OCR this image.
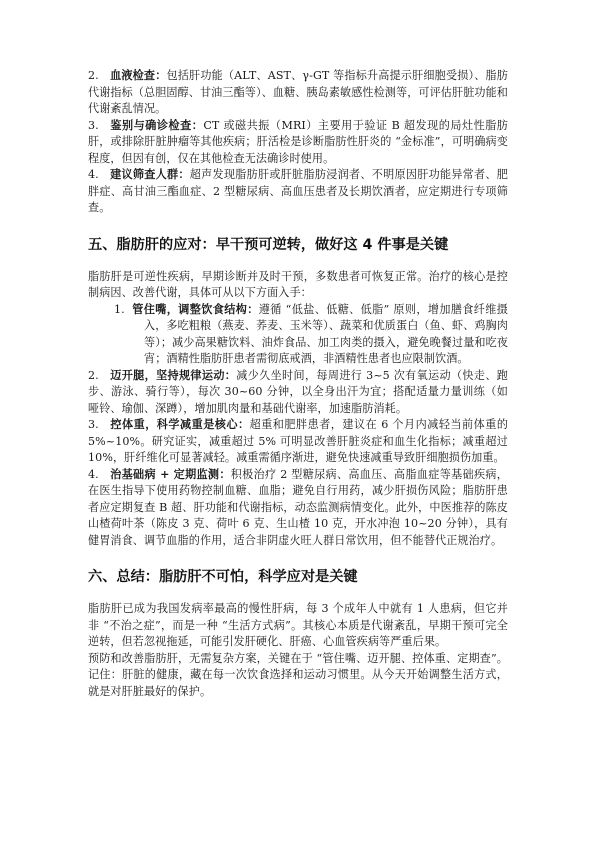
2. 血液检查：包括肝功能（ALT、AST、γ-GT 等指标升高提示肝细胞受损）、脂肪代谢指标（总胆固醇、甘油三酯等）、血糖、胰岛素敏感性检测等，可评估肝脏功能和代谢紊乱情况。
3. 鉴别与确诊检查：CT 或磁共振（MRI）主要用于验证 B 超发现的局灶性脂肪肝，或排除肝脏肿瘤等其他疾病；肝活检是诊断脂肪性肝炎的 “金标准”，可明确病变程度，但因有创，仅在其他检查无法确诊时使用。
4. 建议筛查人群：超声发现脂肪肝或肝脏脂肪浸润者、不明原因肝功能异常者、肥胖症、高甘油三酯血症、2 型糖尿病、高血压患者及长期饮酒者，应定期进行专项筛查。
五、脂肪肝的应对：早干预可逆转，做好这 4 件事是关键

脂肪肝是可逆性疾病，早期诊断并及时干预，多数患者可恢复正常。治疗的核心是控制病因、改善代谢，具体可从以下方面入手：

1. 管住嘴，调整饮食结构：遵循 “低盐、低糖、低脂” 原则，增加膳食纤维摄入，多吃粗粮（燕麦、荞麦、玉米等）、蔬菜和优质蛋白（鱼、虾、鸡胸肉等）；减少高果糖饮料、油炸食品、加工肉类的摄入，避免晚餐过量和吃夜宵；酒精性脂肪肝患者需彻底戒酒，非酒精性患者也应限制饮酒。
2. 迈开腿，坚持规律运动：减少久坐时间，每周进行 3~5 次有氧运动（快走、跑步、游泳、骑行等），每次 30~60 分钟，以全身出汗为宜；搭配适量力量训练（如哑铃、瑜伽、深蹲），增加肌肉量和基础代谢率，加速脂肪消耗。
3. 控体重，科学减重是核心：超重和肥胖患者，建议在 6 个月内减轻当前体重的 5%~10%。研究证实，减重超过 5% 可明显改善肝脏炎症和血生化指标；减重超过 10%，肝纤维化可显著减轻。减重需循序渐进，避免快速减重导致肝细胞损伤加重。
4. 治基础病 + 定期监测：积极治疗 2 型糖尿病、高血压、高脂血症等基础疾病，在医生指导下使用药物控制血糖、血脂；避免自行用药，减少肝损伤风险；脂肪肝患者应定期复查 B 超、肝功能和代谢指标，动态监测病情变化。此外，中医推荐的陈皮山楂荷叶茶（陈皮 3 克、荷叶 6 克、生山楂 10 克，开水冲泡 10~20 分钟），具有健胃消食、调节血脂的作用，适合非阴虚火旺人群日常饮用，但不能替代正规治疗。
六、总结：脂肪肝不可怕，科学应对是关键

脂肪肝已成为我国发病率最高的慢性肝病，每 3 个成年人中就有 1 人患病，但它并非 “不治之症”，而是一种 “生活方式病”。其核心本质是代谢紊乱，早期干预可完全逆转，但若忽视拖延，可能引发肝硬化、肝癌、心血管疾病等严重后果。

预防和改善脂肪肝，无需复杂方案，关键在于 “管住嘴、迈开腿、控体重、定期查”。记住：肝脏的健康，藏在每一次饮食选择和运动习惯里。从今天开始调整生活方式，就是对肝脏最好的保护。
